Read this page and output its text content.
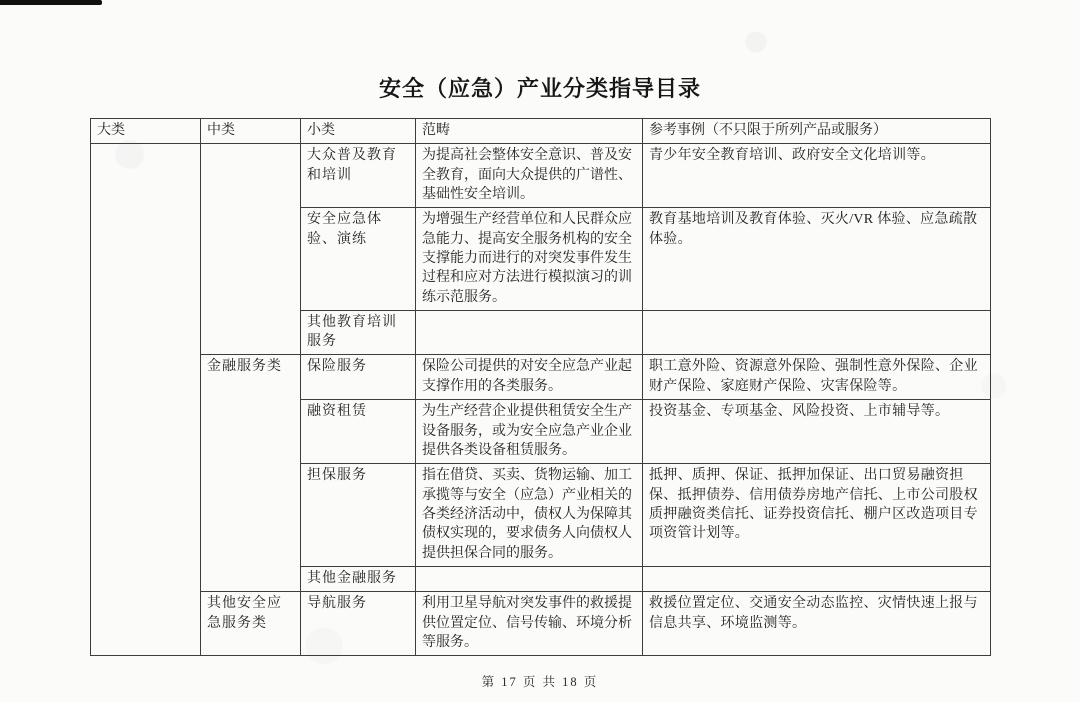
安全（应急）产业分类指导目录
大类	中类	小类	范畴	参考事例（不只限于所列产品或服务）
		大众普及教育和培训	为提高社会整体安全意识、普及安全教育，面向大众提供的广谱性、基础性安全培训。	青少年安全教育培训、政府安全文化培训等。
		安全应急体验、演练	为增强生产经营单位和人民群众应急能力、提高安全服务机构的安全支撑能力而进行的对突发事件发生过程和应对方法进行模拟演习的训练示范服务。	教育基地培训及教育体验、灭火/VR 体验、应急疏散体验。
		其他教育培训服务		
	金融服务类	保险服务	保险公司提供的对安全应急产业起支撑作用的各类服务。	职工意外险、资源意外保险、强制性意外保险、企业财产保险、家庭财产保险、灾害保险等。
		融资租赁	为生产经营企业提供租赁安全生产设备服务，或为安全应急产业企业提供各类设备租赁服务。	投资基金、专项基金、风险投资、上市辅导等。
		担保服务	指在借贷、买卖、货物运输、加工承揽等与安全（应急）产业相关的各类经济活动中，债权人为保障其债权实现的，要求债务人向债权人提供担保合同的服务。	抵押、质押、保证、抵押加保证、出口贸易融资担保、抵押债券、信用债券房地产信托、上市公司股权质押融资类信托、证券投资信托、棚户区改造项目专项资管计划等。
		其他金融服务		
	其他安全应急服务类	导航服务	利用卫星导航对突发事件的救援提供位置定位、信号传输、环境分析等服务。	救援位置定位、交通安全动态监控、灾情快速上报与信息共享、环境监测等。
第 17 页 共 18 页
